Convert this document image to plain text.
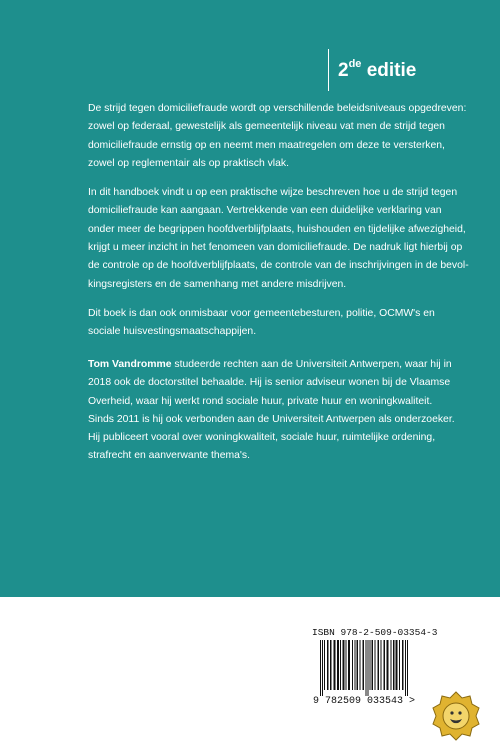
2de editie

De strijd tegen domiciliefraude wordt op verschillende beleidsniveaus opgedreven:
zowel op federaal, gewestelijk als gemeentelijk niveau vat men de strijd tegen
domiciliefraude ernstig op en neemt men maatregelen om deze te versterken,
zowel op reglementair als op praktisch vlak.

In dit handboek vindt u op een praktische wijze beschreven hoe u de strijd tegen
domiciliefraude kan aangaan. Vertrekkende van een duidelijke verklaring van
onder meer de begrippen hoofdverblijfplaats, huishouden en tijdelijke afwezigheid,
krijgt u meer inzicht in het fenomeen van domiciliefraude. De nadruk ligt hierbij op
de controle op de hoofdverblijfplaats, de controle van de inschrijvingen in de bevol-
kingsregisters en de samenhang met andere misdrijven.

Dit boek is dan ook onmisbaar voor gemeentebesturen, politie, OCMW's en
sociale huisvestingsmaatschappijen.

Tom Vandromme studeerde rechten aan de Universiteit Antwerpen, waar hij in
2018 ook de doctorstitel behaalde. Hij is senior adviseur wonen bij de Vlaamse
Overheid, waar hij werkt rond sociale huur, private huur en woningkwaliteit.
Sinds 2011 is hij ook verbonden aan de Universiteit Antwerpen als onderzoeker.
Hij publiceert vooral over woningkwaliteit, sociale huur, ruimtelijke ordening,
strafrecht en aanverwante thema's.

ISBN 978-2-509-03354-3
9 782509 033543 >
